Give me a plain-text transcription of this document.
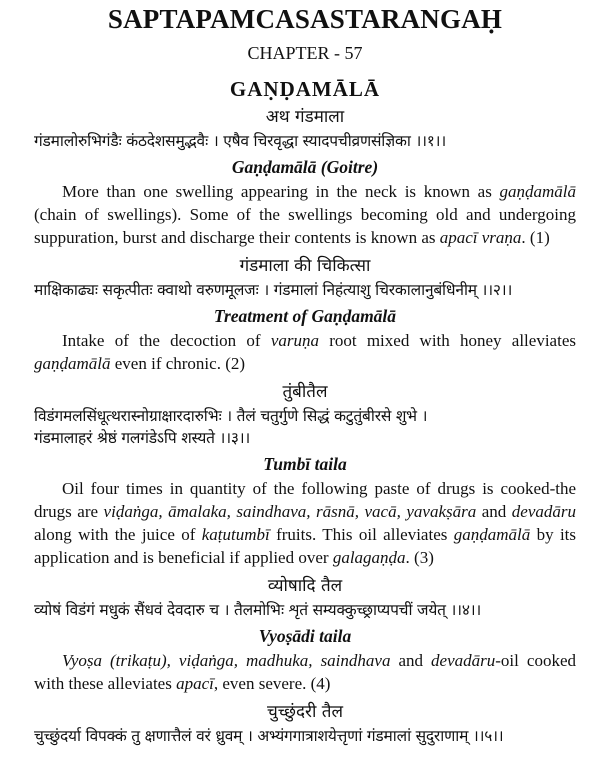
SAPTAPAMCASASTARANGAḤ
CHAPTER - 57
GAṆḌAMĀLĀ
अथ गंडमाला

गंडमालोरुभिगंडैः कंठदेशसमुद्भवैः । एषैव चिरवृद्धा स्यादपचीव्रणसंज्ञिका ।।१।।

Gaṇḍamālā (Goitre)

More than one swelling appearing in the neck is known as gaṇḍamālā (chain of swellings). Some of the swellings becoming old and undergoing suppuration, burst and discharge their contents is known as apacī vraṇa. (1)

गंडमाला की चिकित्सा

माक्षिकाढ्यः सकृत्पीतः क्वाथो वरुणमूलजः । गंडमालां निहंत्याशु चिरकालानुबंधिनीम् ।।२।।

Treatment of Gaṇḍamālā

Intake of the decoction of varuṇa root mixed with honey alleviates gaṇḍamālā even if chronic. (2)

तुंबीतैल

विडंगमलसिंधूत्थरास्नोग्राक्षारदारुभिः । तैलं चतुर्गुणे सिद्धं कटुतुंबीरसे शुभे ।

गंडमालाहरं श्रेष्ठं गलगंडेऽपि शस्यते ।।३।।

Tumbī taila

Oil four times in quantity of the following paste of drugs is cooked-the drugs are viḍaṅga, āmalaka, saindhava, rāsnā, vacā, yavakṣāra and devadāru along with the juice of kaṭutumbī fruits. This oil alleviates gaṇḍamālā by its application and is beneficial if applied over galagaṇḍa. (3)

व्योषादि तैल

व्योषं विडंगं मधुकं सैंधवं देवदारु च । तैलमोभिः शृतं सम्यक्कुच्छ्राप्यपचीं जयेत् ।।४।।

Vyoṣādi taila

Vyoṣa (trikaṭu), viḍaṅga, madhuka, saindhava and devadāru-oil cooked with these alleviates apacī, even severe. (4)

चुच्छुंदरी तैल

चुच्छुंदर्या विपक्कं तु क्षणात्तैलं वरं ध्रुवम् । अभ्यंगगात्राशयेत्तृणां गंडमालां सुदुराणाम् ।।५।।
